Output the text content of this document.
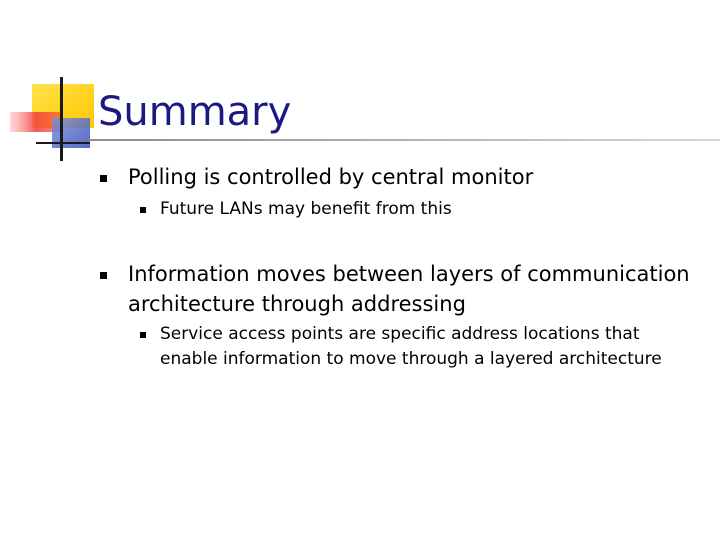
Summary

Polling is controlled by central monitor

Future LANs may benefit from this

Information moves between layers of communication

architecture through addressing

Service access points are specific address locations that

enable information to move through a layered architecture
